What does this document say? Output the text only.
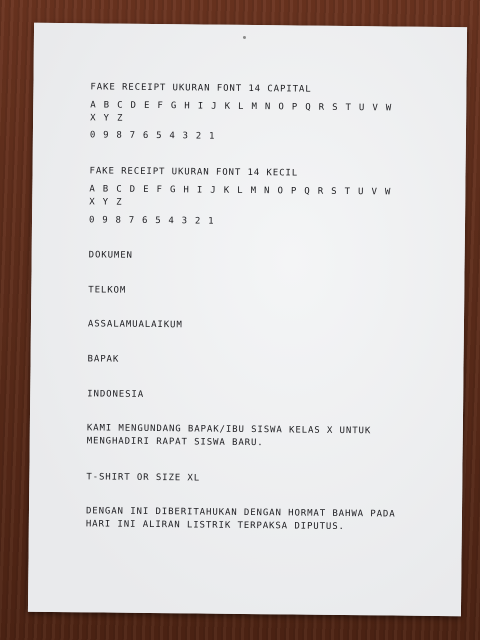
FAKE RECEIPT UKURAN FONT 14 CAPITAL
A B C D E F G H I J K L M N O P Q R S T U V W X Y Z
0 9 8 7 6 5 4 3 2 1
FAKE RECEIPT UKURAN FONT 14 KECIL
A B C D E F G H I J K L M N O P Q R S T U V W X Y Z
0 9 8 7 6 5 4 3 2 1
DOKUMEN
TELKOM
ASSALAMUALAIKUM
BAPAK
INDONESIA
KAMI MENGUNDANG BAPAK/IBU SISWA KELAS X UNTUK MENGHADIRI RAPAT SISWA BARU.
T-SHIRT OR SIZE XL
DENGAN INI DIBERITAHUKAN DENGAN HORMAT BAHWA PADA HARI INI ALIRAN LISTRIK TERPAKSA DIPUTUS.
